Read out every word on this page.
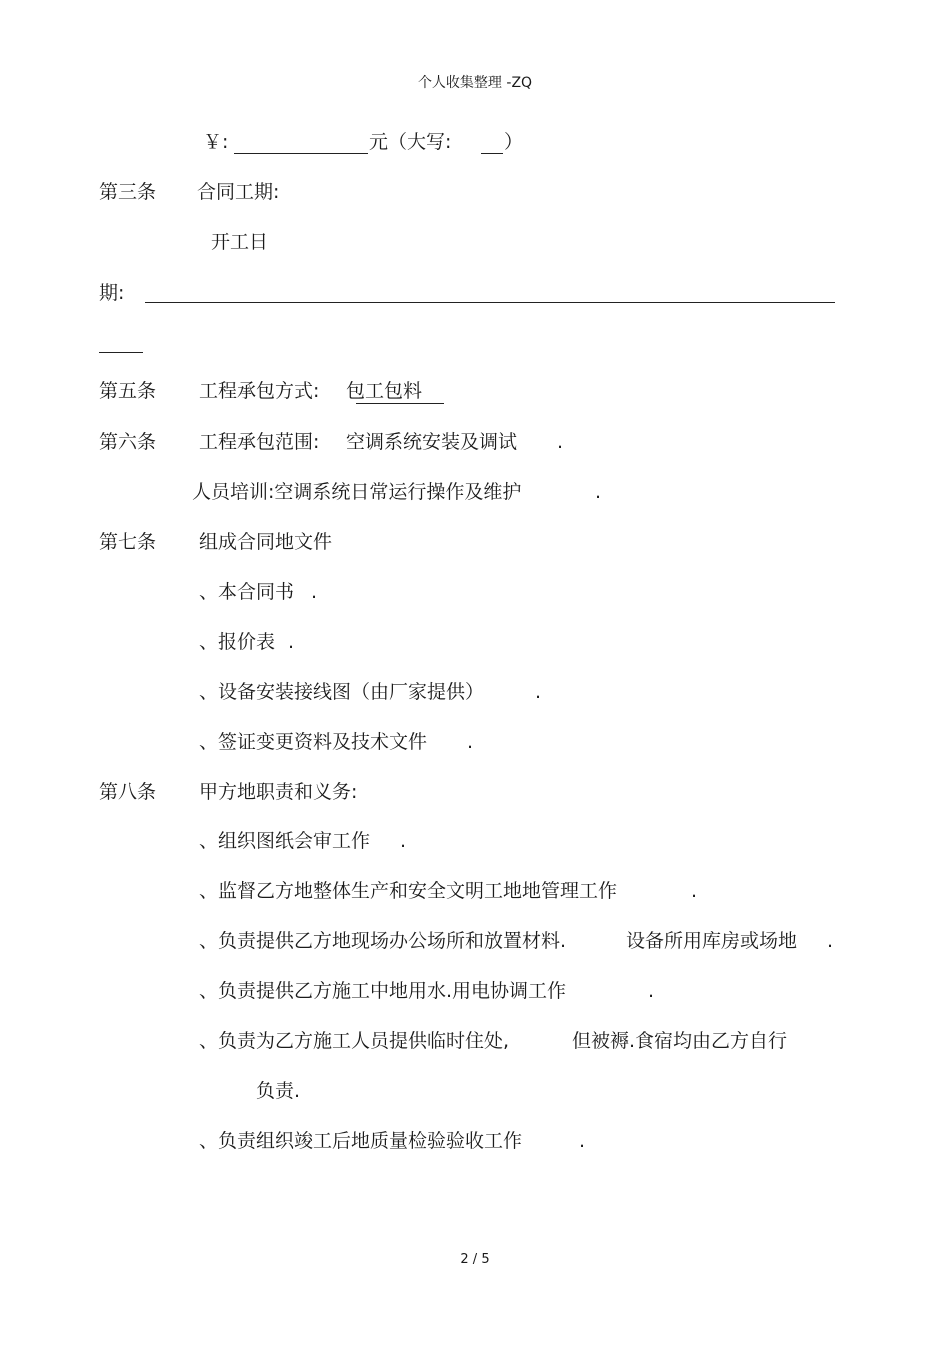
个人收集整理 -ZQ
￥:	元（大写:	）
第三条 合同工期:
开工日
期:
第五条 工程承包方式: 包工包料
第六条 工程承包范围: 空调系统安装及调试 .
人员培训:空调系统日常运行操作及维护	.
第七条 组成合同地文件
、本合同书 .
、报价表 .
、设备安装接线图（由厂家提供）	.
、签证变更资料及技术文件 .
第八条 甲方地职责和义务:
、组织图纸会审工作 .
、监督乙方地整体生产和安全文明工地地管理工作	.
、负责提供乙方地现场办公场所和放置材料.	设备所用库房或场地 .
、负责提供乙方施工中地用水.用电协调工作	.
、负责为乙方施工人员提供临时住处,	但被褥.食宿均由乙方自行
负责.
、负责组织竣工后地质量检验验收工作	.
2 / 5
